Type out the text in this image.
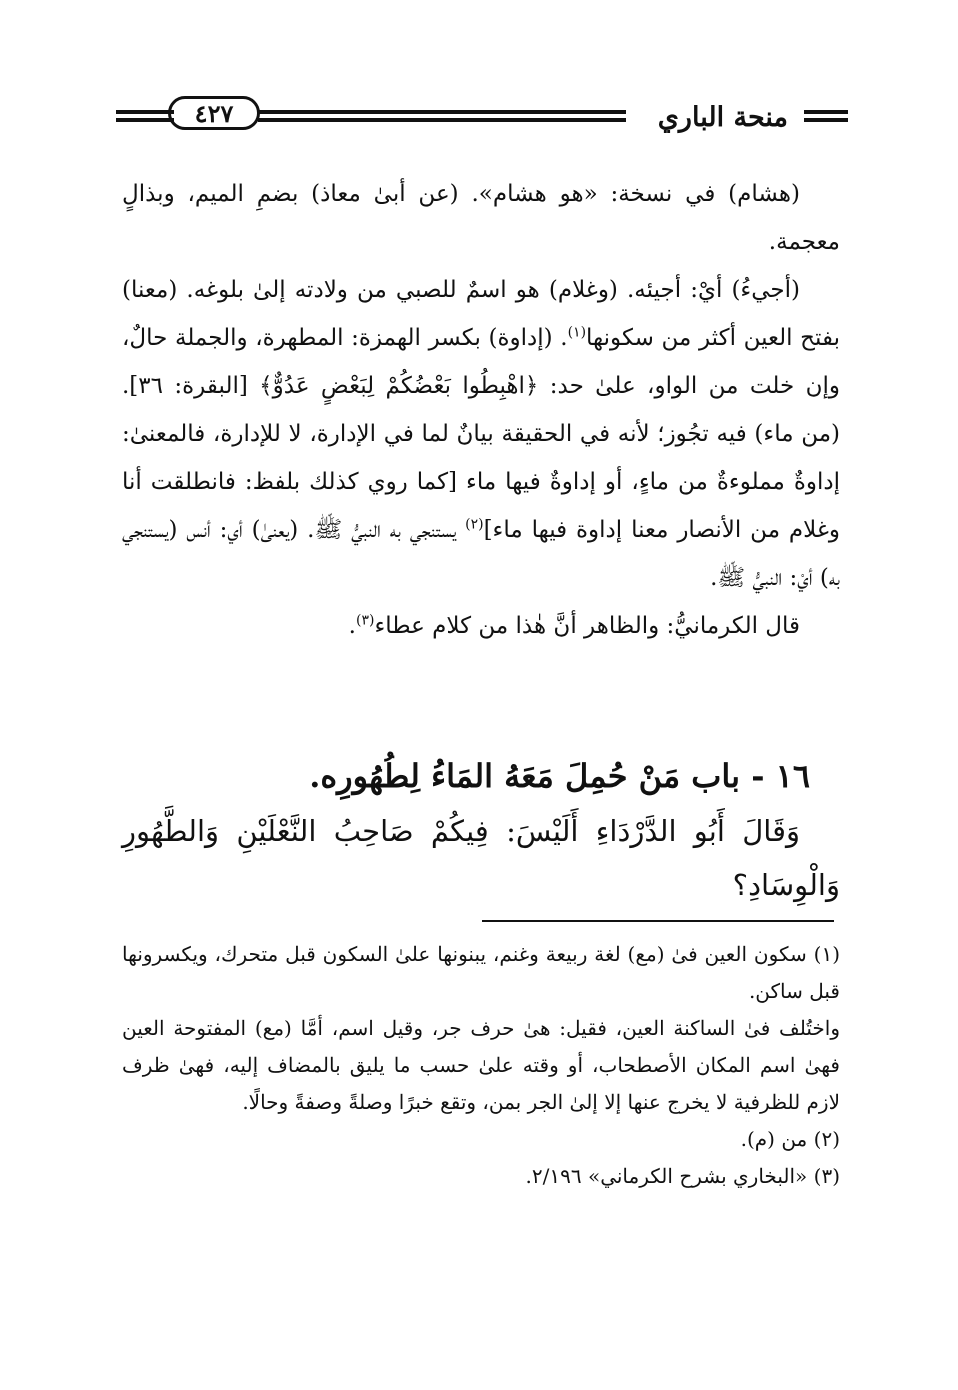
منحة الباري
٤٢٧

(هشام) في نسخة: «هو هشام». (عن أبىٰ معاذ) بضمِ الميم، وبذالٍ معجمة.

(أجيءُ) أيْ: أجيئه. (وغلام) هو اسمٌ للصبي من ولادته إلىٰ بلوغه. (معنا) بفتح العين أكثر من سكونها$^{(١)}$. (إداوة) بكسر الهمزة: المطهرة، والجملة حالٌ، وإن خلت من الواو، علىٰ حد: ﴿اهْبِطُوا بَعْضُكُمْ لِبَعْضٍ عَدُوٌّ﴾ [البقرة: ٣٦]. (من ماء) فيه تجُوز؛ لأنه في الحقيقة بيانٌ لما في الإدارة، لا للإدارة، فالمعنىٰ: إداوةٌ مملوءةٌ من ماءٍ، أو إداوةٌ فيها ماء [كما روي كذلك بلفظ: فانطلقت أنا وغلام من الأنصار معنا إداوة فيها ماء]$^{(٢)}$ يستنجي به النبيُّ ﷺ. (يعنىٰ) أي: أنس (يستنجي به) أيْ: النبيُّ ﷺ.

قال الكرمانيُّ: والظاهر أنَّ هٰذا من كلام عطاء$^{(٣)}$.

١٦ - باب مَنْ حُمِلَ مَعَهُ المَاءُ لِطُهُورِه.

وَقَالَ أَبُو الدَّرْدَاءِ أَلَيْسَ: فِيكُمْ صَاحِبُ النَّعْلَيْنِ وَالطَّهُورِ وَالْوِسَادِ؟

(١) سكون العين فىٰ (مع) لغة ربيعة وغنم، يبنونها علىٰ السكون قبل متحرك، ويكسرونها قبل ساكن.

واختُلف فىٰ الساكنة العين، فقيل: هىٰ حرف جر، وقيل اسم، أمَّا (مع) المفتوحة العين فهىٰ اسم المكان الأصطحاب، أو وقته علىٰ حسب ما يليق بالمضاف إليه، فهىٰ ظرف لازم للظرفية لا يخرج عنها إلا إلىٰ الجر بمن، وتقع خبرًا وصلةً وصفةً وحالًا.

(٢) من (م).

(٣) «البخاري بشرح الكرماني» ٢/١٩٦.
